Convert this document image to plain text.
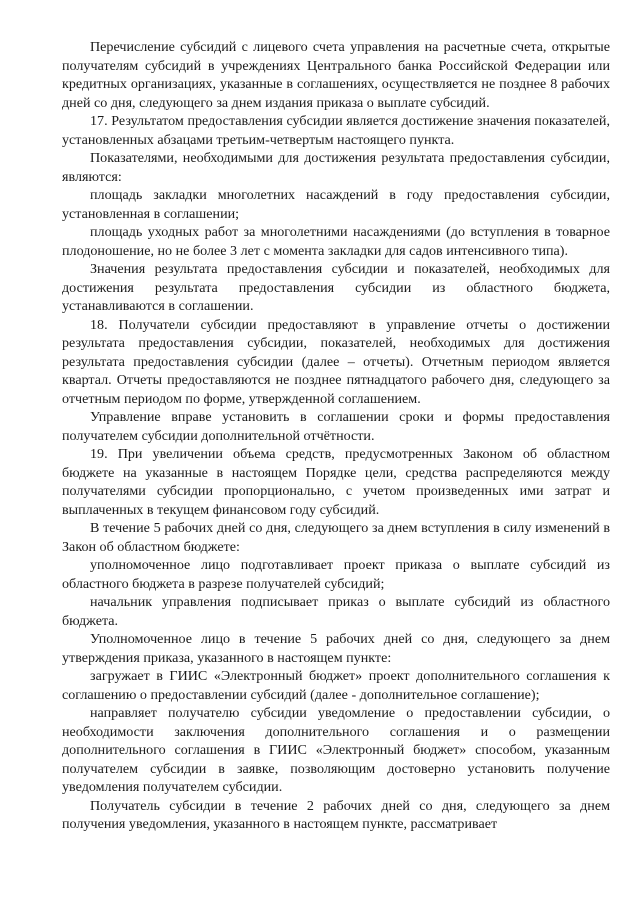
Перечисление субсидий с лицевого счета управления на расчетные счета, открытые получателям субсидий в учреждениях Центрального банка Российской Федерации или кредитных организациях, указанные в соглашениях, осуществляется не позднее 8 рабочих дней со дня, следующего за днем издания приказа о выплате субсидий.

17. Результатом предоставления субсидии является достижение значения показателей, установленных абзацами третьим-четвертым настоящего пункта.

Показателями, необходимыми для достижения результата предоставления субсидии, являются:

площадь закладки многолетних насаждений в году предоставления субсидии, установленная в соглашении;

площадь уходных работ за многолетними насаждениями (до вступления в товарное плодоношение, но не более 3 лет с момента закладки для садов интенсивного типа).

Значения результата предоставления субсидии и показателей, необходимых для достижения результата предоставления субсидии из областного бюджета, устанавливаются в соглашении.

18. Получатели субсидии предоставляют в управление отчеты о достижении результата предоставления субсидии, показателей, необходимых для достижения результата предоставления субсидии (далее – отчеты). Отчетным периодом является квартал. Отчеты предоставляются не позднее пятнадцатого рабочего дня, следующего за отчетным периодом по форме, утвержденной соглашением.

Управление вправе установить в соглашении сроки и формы предоставления получателем субсидии дополнительной отчётности.

19. При увеличении объема средств, предусмотренных Законом об областном бюджете на указанные в настоящем Порядке цели, средства распределяются между получателями субсидии пропорционально, с учетом произведенных ими затрат и выплаченных в текущем финансовом году субсидий.

В течение 5 рабочих дней со дня, следующего за днем вступления в силу изменений в Закон об областном бюджете:

уполномоченное лицо подготавливает проект приказа о выплате субсидий из областного бюджета в разрезе получателей субсидий;

начальник управления подписывает приказ о выплате субсидий из областного бюджета.

Уполномоченное лицо в течение 5 рабочих дней со дня, следующего за днем утверждения приказа, указанного в настоящем пункте:

загружает в ГИИС «Электронный бюджет» проект дополнительного соглашения к соглашению о предоставлении субсидий (далее - дополнительное соглашение);

направляет получателю субсидии уведомление о предоставлении субсидии, о необходимости заключения дополнительного соглашения и о размещении дополнительного соглашения в ГИИС «Электронный бюджет» способом, указанным получателем субсидии в заявке, позволяющим достоверно установить получение уведомления получателем субсидии.

Получатель субсидии в течение 2 рабочих дней со дня, следующего за днем получения уведомления, указанного в настоящем пункте, рассматривает
